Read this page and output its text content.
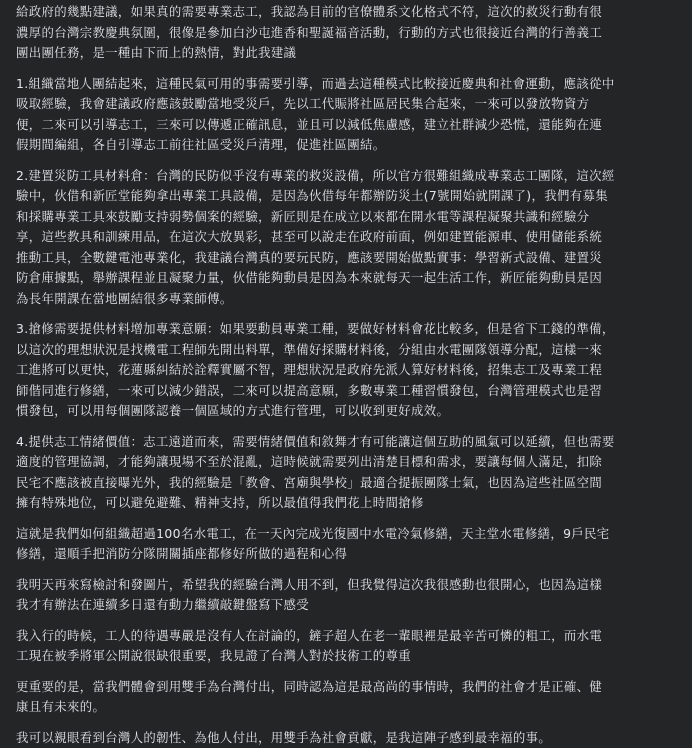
給政府的幾點建議，如果真的需要專業志工，我認為目前的官僚體系文化格式不符，這次的救災行動有很
濃厚的台灣宗教慶典氛圍，很像是參加白沙屯進香和聖誕福音活動，行動的方式也很接近台灣的行善義工
團出團任務，是一種由下而上的熱情，對此我建議

1.組織當地人團結起來，這種民氣可用的事需要引導，而過去這種模式比較接近慶典和社會運動，應該從中
吸取經驗，我會建議政府應該鼓勵當地受災戶，先以工代賑將社區居民集合起來，一來可以發放物資方
便，二來可以引導志工，三來可以傳遞正確訊息，並且可以減低焦慮感，建立社群減少恐慌，還能夠在連
假期間編組，各自引導志工前往社區受災戶清理，促進社區團結。

2.建置災防工具材料倉：台灣的民防似乎沒有專業的救災設備，所以官方很難組織成專業志工團隊，這次經
驗中，伙借和新匠堂能夠拿出專業工具設備，是因為伙借每年都辦防災土(7號開始就開課了)，我們有募集
和採購專業工具來鼓勵支持弱勢個案的經驗，新匠則是在成立以來都在開水電等課程凝聚共識和經驗分
享，這些教具和訓練用品，在這次大放異彩，甚至可以說走在政府前面，例如建置能源車、使用儲能系統
推動工具，全數鍵電池專業化，我建議台灣真的要玩民防，應該要開始做點實事：學習新式設備、建置災
防倉庫據點，舉辦課程並且凝聚力量，伙借能夠動員是因為本來就每天一起生活工作，新匠能夠動員是因
為長年開課在當地團結很多專業師傅。

3.搶修需要提供材料增加專業意願：如果要動員專業工種，要做好材料會花比較多，但是省下工錢的準備，
以這次的理想狀況是找機電工程師先開出料單，準備好採購材料後，分組由水電團隊領導分配，這樣一來
工進將可以更快，花蓮縣糾結於詮釋實屬不智，理想狀況是政府先派人算好材料後，招集志工及專業工程
師偕同進行修繕，一來可以減少錯誤，二來可以提高意願，多數專業工種習慣發包，台灣管理模式也是習
慣發包，可以用每個團隊認養一個區域的方式進行管理，可以收到更好成效。

4.提供志工情緒價值：志工遠道而來，需要情緒價值和敘舞才有可能讓這個互助的風氣可以延續，但也需要
適度的管理協調，才能夠讓現場不至於混亂，這時候就需要列出清楚目標和需求，要讓每個人滿足，扣除
民宅不應該被直接曝光外，我的經驗是「教會、宮廟與學校」最適合提振團隊士氣，也因為這些社區空間
擁有特殊地位，可以避免避難、精神支持，所以最值得我們花上時間搶修

這就是我們如何組織超過100名水電工，在一天內完成光復國中水電冷氣修繕，天主堂水電修繕，9戶民宅
修繕，還順手把消防分隊開關插座都修好所做的過程和心得

我明天再來寫檢討和發圖片，希望我的經驗台灣人用不到，但我覺得這次我很感動也很開心，也因為這樣
我才有辦法在連續多日還有動力繼續敲鍵盤寫下感受

我入行的時候，工人的待遇專嚴是沒有人在討論的，鏟子超人在老一輩眼裡是最辛苦可憐的粗工，而水電
工現在被季將軍公開說很缺很重要，我見證了台灣人對於技術工的尊重

更重要的是，當我們體會到用雙手為台灣付出，同時認為這是最高尚的事情時，我們的社會才是正確、健
康且有未來的。

我可以親眼看到台灣人的韌性、為他人付出，用雙手為社會貢獻，是我這陣子感到最幸福的事。
